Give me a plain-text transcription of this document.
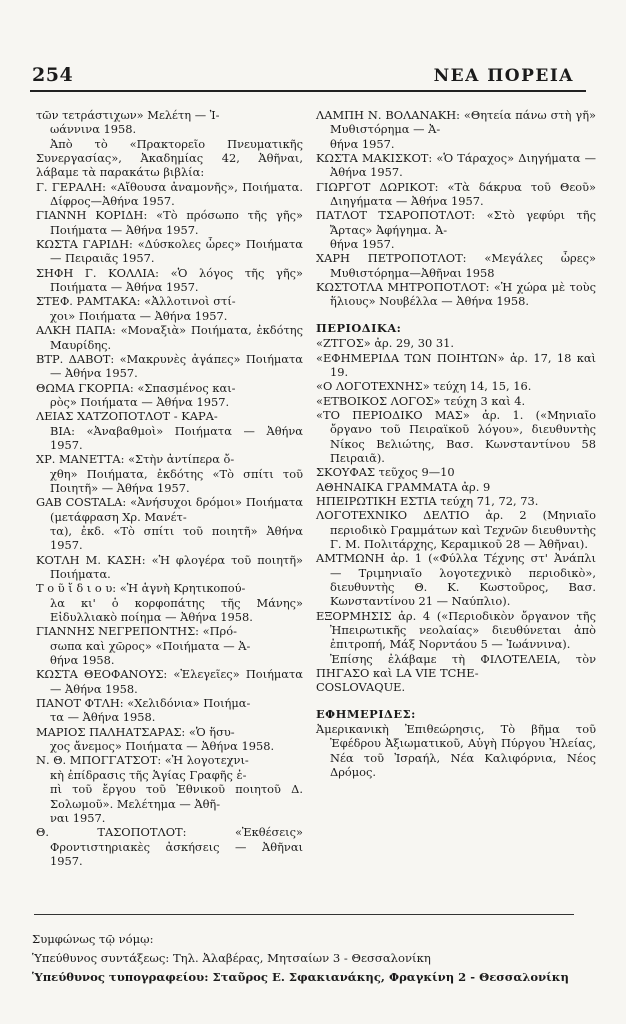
254	ΝΕΑ ΠΟΡΕΙΑ

τῶν τετράστιχων» Μελέτη — Ἰ-
ωάννινα 1958.

Ἀπὸ τὸ «Πρακτορεῖο Πνευματικῆς Συνεργασίας», Ἀκαδημίας 42, Ἀθῆναι, λάβαμε τὰ παρακάτω βιβλία:

Γ. ΓΕΡΑΛΗ: «Αἴθουσα ἀναμονῆς», Ποιήματα. Δίφρος—Ἀθήνα 1957.

ΓΙΑΝΝΗ ΚΟΡΙΔΗ: «Τὸ πρόσωπο τῆς γῆς» Ποιήματα — Ἀθήνα 1957.

ΚΩΣΤΑ ΓΑΡΙΔΗ: «Δύσκολες ὧρες» Ποιήματα — Πειραιᾶς 1957.

ΣΗΦΗ Γ. ΚΟΛΛΙΑ: «Ὁ λόγος τῆς γῆς» Ποιήματα — Ἀθήνα 1957.

ΣΤΕΦ. ΡΑΜΤΑΚΑ: «Ἀλλοτινοὶ στί-
χοι» Ποιήματα — Ἀθήνα 1957.

ΑΛΚΗ ΠΑΠΑ: «Μοναξιὰ» Ποιήματα, ἐκδότης Μαυρίδης.

ΒΤΡ. ΔΑΒΟΤ: «Μακρυνὲς ἀγάπες» Ποιήματα — Ἀθήνα 1957.

ΘΩΜΑ ΓΚΟΡΠΑ: «Σπασμένος και-
ρὸς» Ποιήματα — Ἀθήνα 1957.

ΛΕΙΑΣ ΧΑΤΖΟΠΟΤΛΟΤ - ΚΑΡΑ-
ΒΙΑ: «Ἀναβαθμοὶ» Ποιήματα — Ἀθήνα 1957.

ΧΡ. ΜΑΝΕΤΤΑ: «Στὴν ἀντίπερα ὄ-
χθη» Ποιήματα, ἐκδότης «Τὸ σπίτι τοῦ Ποιητῆ» — Ἀθήνα 1957.

GAB COSTALA: «Ἀνήσυχοι δρόμοι» Ποιήματα (μετάφραση Χρ. Μανέτ-
τα), ἐκδ. «Τὸ σπίτι τοῦ ποιητῆ» Ἀθήνα 1957.

ΚΟΤΛΗ Μ. ΚΑΣΗ: «Ἡ φλογέρα τοῦ ποιητῆ» Ποιήματα.

Τ ο ῦ ἴ δ ι ο υ: «Ἡ ἁγνὴ Κρητικοπού-
λα κι' ὁ κορφοπάτης τῆς Μάνης» Εἰδυλλιακὸ ποίημα — Ἀθήνα 1958.

ΓΙΑΝΝΗΣ ΝΕΓΡΕΠΟΝΤΗΣ: «Πρό-
σωπα καὶ χῶρος» «Ποιήματα — Ἀ-
θήνα 1958.

ΚΩΣΤΑ ΘΕΟΦΑΝΟΥΣ: «Ἐλεγεῖες» Ποιήματα — Ἀθήνα 1958.

ΠΑΝΟΤ ΦΤΛΗ: «Χελιδόνια» Ποιήμα-
τα — Ἀθήνα 1958.

ΜΑΡΙΟΣ ΠΑΛΗΑΤΣΑΡΑΣ: «Ὁ ἥσυ-
χος ἄνεμος» Ποιήματα — Ἀθήνα 1958.

Ν. Θ. ΜΠΟΓΓΑΤΣΟΤ: «Ἡ λογοτεχνι-
κὴ ἐπίδρασις τῆς Ἁγίας Γραφῆς ἐ-
πὶ τοῦ ἔργου τοῦ Ἐθνικοῦ ποιητοῦ Δ. Σολωμοῦ». Μελέτημα — Ἀθῆ-
ναι 1957.

Θ. ΤΑΣΟΠΟΤΛΟΤ: «Ἐκθέσεις» Φροντιστηριακὲς ἀσκήσεις — Ἀθῆναι 1957.

ΛΑΜΠΗ Ν. ΒΟΛΑΝΑΚΗ: «Θητεία πάνω στὴ γῆ» Μυθιστόρημα — Ἀ-
θήνα 1957.

ΚΩΣΤΑ ΜΑΚΙΣΚΟΤ: «Ὁ Τάραχος» Διηγήματα — Ἀθήνα 1957.

ΓΙΩΡΓΟΤ ΔΩΡΙΚΟΤ: «Τὰ δάκρυα τοῦ Θεοῦ» Διηγήματα — Ἀθήνα 1957.

ΠΑΤΛΟΤ ΤΣΑΡΟΠΟΤΛΟΤ: «Στὸ γεφύρι τῆς Ἄρτας» Ἀφήγημα. Ἀ-
θήνα 1957.

ΧΑΡΗ ΠΕΤΡΟΠΟΤΛΟΤ: «Μεγάλες ὧρες» Μυθιστόρημα—Ἀθῆναι 1958

ΚΩΣΤΟΤΛΑ ΜΗΤΡΟΠΟΤΛΟΤ: «Ἡ χώρα μὲ τοὺς ἥλιους» Νουβέλλα — Ἀθήνα 1958.

ΠΕΡΙΟΔΙΚΑ:

«ΖΤΓΟΣ» ἀρ. 29, 30 31.

«ΕΦΗΜΕΡΙΔΑ ΤΩΝ ΠΟΙΗΤΩΝ» ἀρ. 17, 18 καὶ 19.

«Ο ΛΟΓΟΤΕΧΝΗΣ» τεύχη 14, 15, 16.

«ΕΤΒΟΙΚΟΣ ΛΟΓΟΣ» τεύχη 3 καὶ 4.

«ΤΟ ΠΕΡΙΟΔΙΚΟ ΜΑΣ» ἀρ. 1. («Μηνιαῖο ὄργανο τοῦ Πειραϊκοῦ λόγου», διευθυντὴς Νίκος Βελιώτης, Βασ. Κωνσταντίνου 58 Πειραιᾶ).

ΣΚΟΥΦΑΣ τεῦχος 9—10

ΑΘΗΝΑΙΚΑ ΓΡΑΜΜΑΤΑ ἀρ. 9

ΗΠΕΙΡΩΤΙΚΗ ΕΣΤΙΑ τεύχη 71, 72, 73.

ΛΟΓΟΤΕΧΝΙΚΟ ΔΕΛΤΙΟ ἀρ. 2 (Μηνιαῖο περιοδικὸ Γραμμάτων καὶ Τεχνῶν διευθυντὴς Γ. Μ. Πολιτάρχης, Κεραμικοῦ 28 — Ἀθῆναι).

ΑΜΤΜΩΝΗ ἀρ. 1 («Φύλλα Τέχνης στ' Ἀνάπλι — Τριμηνιαῖο λογοτεχνικὸ περιοδικὸ», διευθυντὴς Θ. Κ. Κωστοῦρος, Βασ. Κωνσταντίνου 21 — Ναύπλιο).

ΕΞΟΡΜΗΣΙΣ ἀρ. 4 («Περιοδικὸν ὄργανον τῆς Ἠπειρωτικῆς νεολαίας» διευθύνεται ἀπὸ ἐπιτροπή, Μάξ Νορντάου 5 — Ἰωάννινα).

Ἐπίσης ἐλάβαμε τὴ ΦΙΛΟΤΕΛΕΙΑ, τὸν ΠΗΓΑΣΟ καὶ LA VIE TCHE-
COSLOVAQUE.

ΕΦΗΜΕΡΙΔΕΣ:

Ἀμερικανικὴ Ἐπιθεώρησις, Τὸ βῆμα τοῦ Ἐφέδρου Ἀξιωματικοῦ, Αὐγὴ Πύργου Ἠλείας, Νέα τοῦ Ἰσραήλ, Νέα Καλιφόρνια, Νέος Δρόμος.

Συμφώνως τῷ νόμῳ:

Ὑπεύθυνος συντάξεως: Τηλ. Ἀλαβέρας, Μητσαίων 3 - Θεσσαλονίκη

Ὑπεύθυνος τυπογραφείου: Σταῦρος Ε. Σφακιανάκης, Φραγκίνη 2 - Θεσσαλονίκη
